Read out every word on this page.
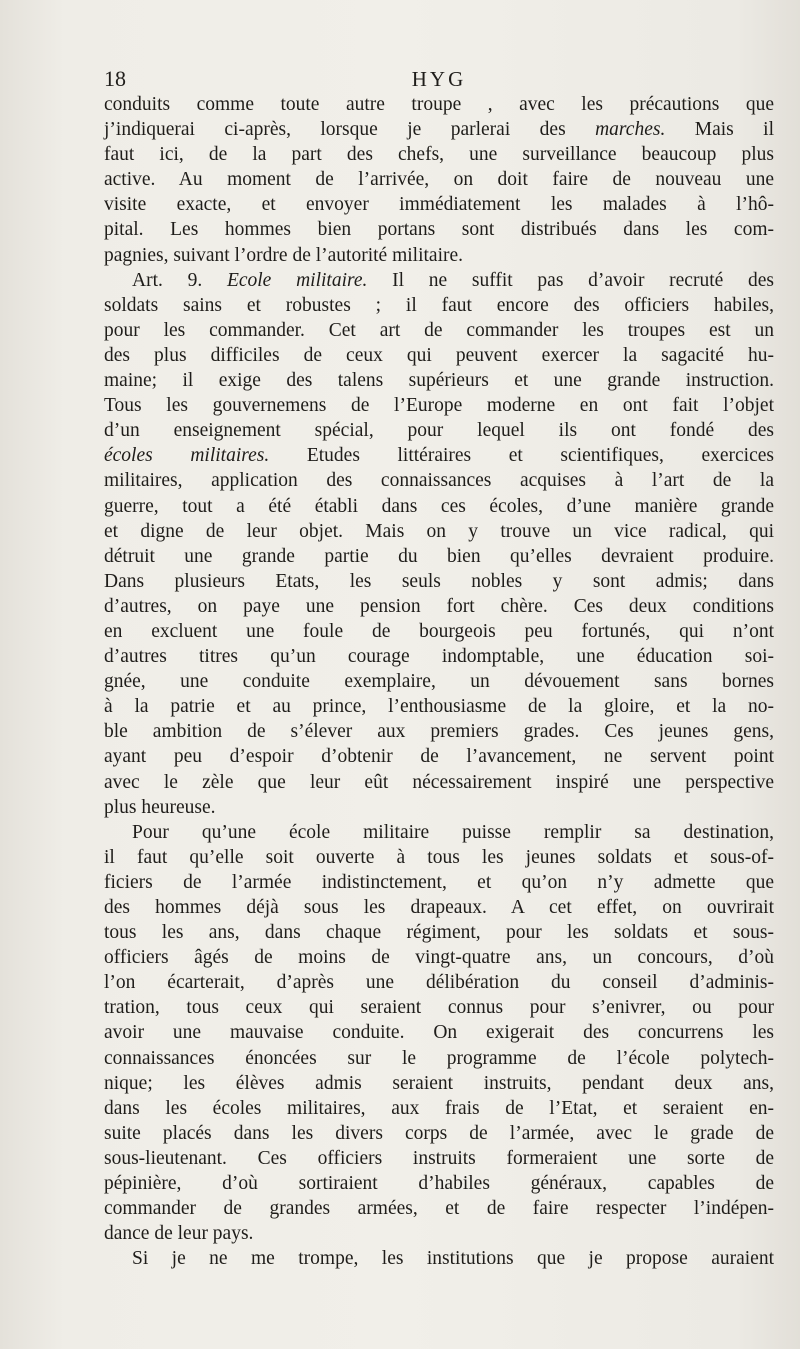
18	HYG
conduits comme toute autre troupe , avec les précautions que
j’indiquerai ci-après, lorsque je parlerai des marches. Mais il
faut ici, de la part des chefs, une surveillance beaucoup plus
active. Au moment de l’arrivée, on doit faire de nouveau une
visite exacte, et envoyer immédiatement les malades à l’hô-
pital. Les hommes bien portans sont distribués dans les com-
pagnies, suivant l’ordre de l’autorité militaire.
Art. 9. Ecole militaire. Il ne suffit pas d’avoir recruté des
soldats sains et robustes ; il faut encore des officiers habiles,
pour les commander. Cet art de commander les troupes est un
des plus difficiles de ceux qui peuvent exercer la sagacité hu-
maine; il exige des talens supérieurs et une grande instruction.
Tous les gouvernemens de l’Europe moderne en ont fait l’objet
d’un enseignement spécial, pour lequel ils ont fondé des
écoles militaires. Etudes littéraires et scientifiques, exercices
militaires, application des connaissances acquises à l’art de la
guerre, tout a été établi dans ces écoles, d’une manière grande
et digne de leur objet. Mais on y trouve un vice radical, qui
détruit une grande partie du bien qu’elles devraient produire.
Dans plusieurs Etats, les seuls nobles y sont admis; dans
d’autres, on paye une pension fort chère. Ces deux conditions
en excluent une foule de bourgeois peu fortunés, qui n’ont
d’autres titres qu’un courage indomptable, une éducation soi-
gnée, une conduite exemplaire, un dévouement sans bornes
à la patrie et au prince, l’enthousiasme de la gloire, et la no-
ble ambition de s’élever aux premiers grades. Ces jeunes gens,
ayant peu d’espoir d’obtenir de l’avancement, ne servent point
avec le zèle que leur eût nécessairement inspiré une perspective
plus heureuse.
Pour qu’une école militaire puisse remplir sa destination,
il faut qu’elle soit ouverte à tous les jeunes soldats et sous-of-
ficiers de l’armée indistinctement, et qu’on n’y admette que
des hommes déjà sous les drapeaux. A cet effet, on ouvrirait
tous les ans, dans chaque régiment, pour les soldats et sous-
officiers âgés de moins de vingt-quatre ans, un concours, d’où
l’on écarterait, d’après une délibération du conseil d’adminis-
tration, tous ceux qui seraient connus pour s’enivrer, ou pour
avoir une mauvaise conduite. On exigerait des concurrens les
connaissances énoncées sur le programme de l’école polytech-
nique; les élèves admis seraient instruits, pendant deux ans,
dans les écoles militaires, aux frais de l’Etat, et seraient en-
suite placés dans les divers corps de l’armée, avec le grade de
sous-lieutenant. Ces officiers instruits formeraient une sorte de
pépinière, d’où sortiraient d’habiles généraux, capables de
commander de grandes armées, et de faire respecter l’indépen-
dance de leur pays.
Si je ne me trompe, les institutions que je propose auraient
